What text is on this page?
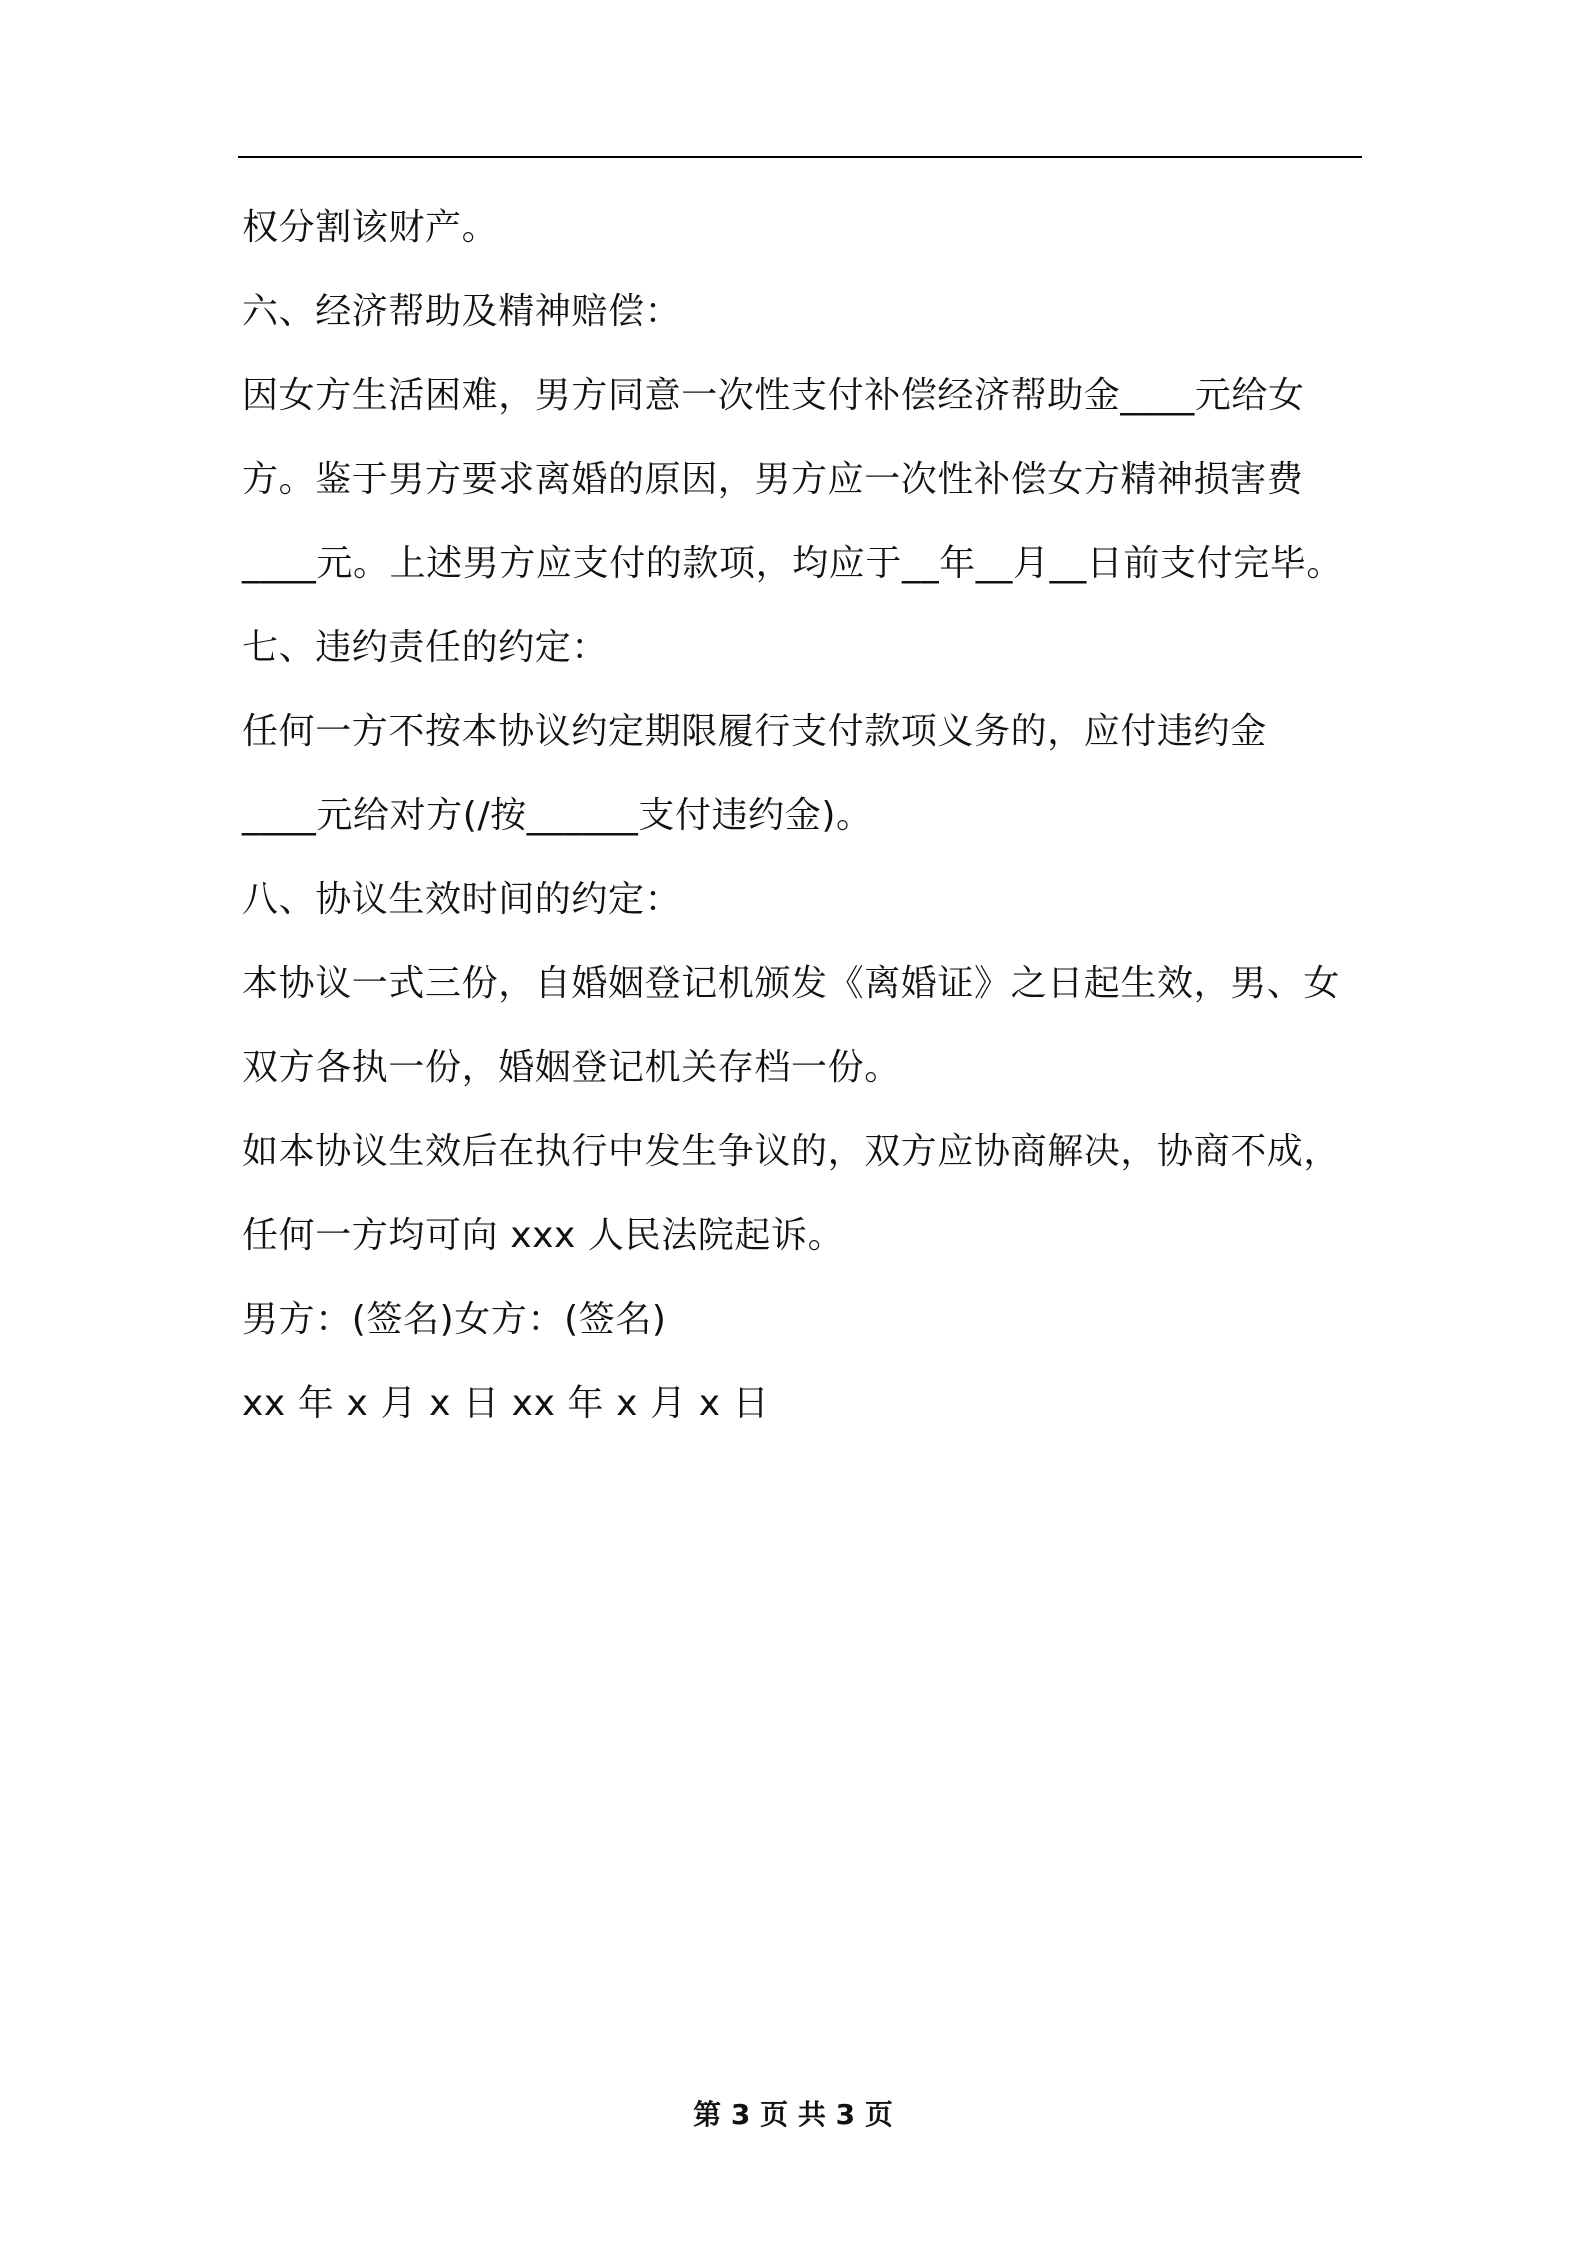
权分割该财产。
六、经济帮助及精神赔偿：
因女方生活困难，男方同意一次性支付补偿经济帮助金____元给女
方。鉴于男方要求离婚的原因，男方应一次性补偿女方精神损害费
____元。上述男方应支付的款项，均应于__年__月__日前支付完毕。
七、违约责任的约定：
任何一方不按本协议约定期限履行支付款项义务的，应付违约金
____元给对方(/按______支付违约金)。
八、协议生效时间的约定：
本协议一式三份，自婚姻登记机颁发《离婚证》之日起生效，男、女
双方各执一份，婚姻登记机关存档一份。
如本协议生效后在执行中发生争议的，双方应协商解决，协商不成，
任何一方均可向 xxx 人民法院起诉。
男方：(签名)女方：(签名)
xx 年 x 月 x 日 xx 年 x 月 x 日
第 3 页 共 3 页
